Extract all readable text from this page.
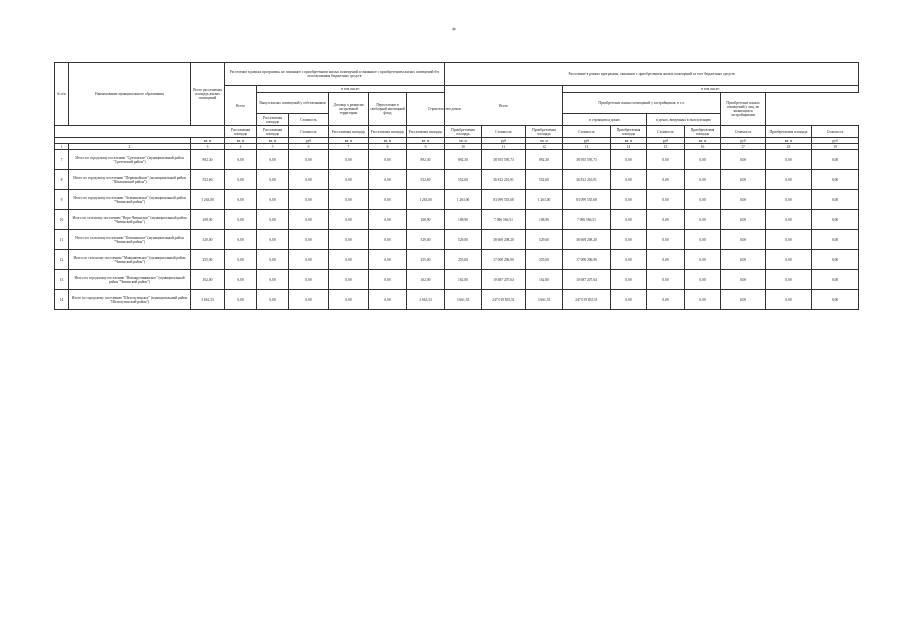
*
№ п/п	Наименование муниципального образования	Всего расселяемая площадь жилых помещений	Расселение в рамках программы, не связанное с приобретением жилых помещений и связанное с приобретением жилых помещений без использования бюджетных средств						Расселение в рамках программы, связанное с приобретением жилых помещений за счет бюджетных средств									
			Всего	в том числе:					Всего			в том числе:						
				Выкуп жилых помещений у собственников		Договор о развитии застроенной территории	Переселение в свободный жилищный фонд	Строительство домов				Приобретение жилых помещений у застройщиков, в т.ч.				Приобретение жилых помещений у лиц, не являющихся застройщиками		
				Расселяемая площадь	Стоимость							в строящихся домах		в домах, введенных в эксплуатацию				
			Расселяемая площадь	Расселяемая площадь	Стоимость	Расселяемая площадь	Расселяемая площадь	Расселяемая площадь	Приобретаемая площадь	Стоимость	Приобретаемая площадь	Стоимость	Приобретаемая площадь	Стоимость	Приобретаемая площадь	Стоимость	Приобретаемая площадь	Стоимость
		кв. м	кв. м	кв. м	руб	кв. м	кв. м	кв. м	кв. м	руб	кв. м	руб	кв. м	руб	кв. м	руб	кв. м	руб
1	2	3	4	5	6	7	8	9	10	11	12	13	14	15	16	17	18	19
7	Итого по городскому поселению "Сретенское" (муниципальный район "Сретенский район")	892,30	0,00	0,00	0,00	0,00	0,00	892,30	892,30	38 955 595,73	892,30	38 955 595,73	0,00	0,00	0,00	0,00	0,00	0,00
8	Итого по городскому поселению "Первомайское" (муниципальный район "Шилкинский район")	552,60	0,00	0,00	0,00	0,00	0,00	552,60	552,60	36 812 216,91	552,60	36 812 216,91	0,00	0,00	0,00	0,00	0,00	0,00
9	Итого по городскому поселению "Атамановское" (муниципальный район "Читинский район")	1 263,00	0,00	0,00	0,00	0,00	0,00	1 263,00	1 263,00	83 099 555,68	1 263,00	83 099 555,68	0,00	0,00	0,00	0,00	0,00	0,00
10	Итого по сельскому поселению "Верх-Читинское" (муниципальный район "Читинский район")	108,90	0,00	0,00	0,00	0,00	0,00	108,90	108,90	7 096 566,51	108,90	7 096 566,51	0,00	0,00	0,00	0,00	0,00	0,00
11	Итого по сельскому поселению "Domnинское" (муниципальный район "Читинский район")	529,00	0,00	0,00	0,00	0,00	0,00	529,00	529,00	38 669 208,20	529,00	38 669 208,20	0,00	0,00	0,00	0,00	0,00	0,00
12	Итого по сельскому поселению "Маккавеевское" (муниципальный район "Читинский район")	255,00	0,00	0,00	0,00	0,00	0,00	255,00	255,00	17 008 296,90	255,00	17 008 296,90	0,00	0,00	0,00	0,00	0,00	0,00
13	Итого по городскому поселению "Новокручининское" (муниципальный район "Читинский район")	162,00	0,00	0,00	0,00	0,00	0,00	162,00	162,00	10 687 207,64	162,00	10 687 207,64	0,00	0,00	0,00	0,00	0,00	0,00
14	Итого по городскому поселению "Шелопугинское" (муниципальный район "Шелопугинский район")	3 661,53	0,00	0,00	0,00	0,00	0,00	3 661,53	3 661,53	247 019 835,51	3 661,53	247 019 835,51	0,00	0,00	0,00	0,00	0,00	0,00
